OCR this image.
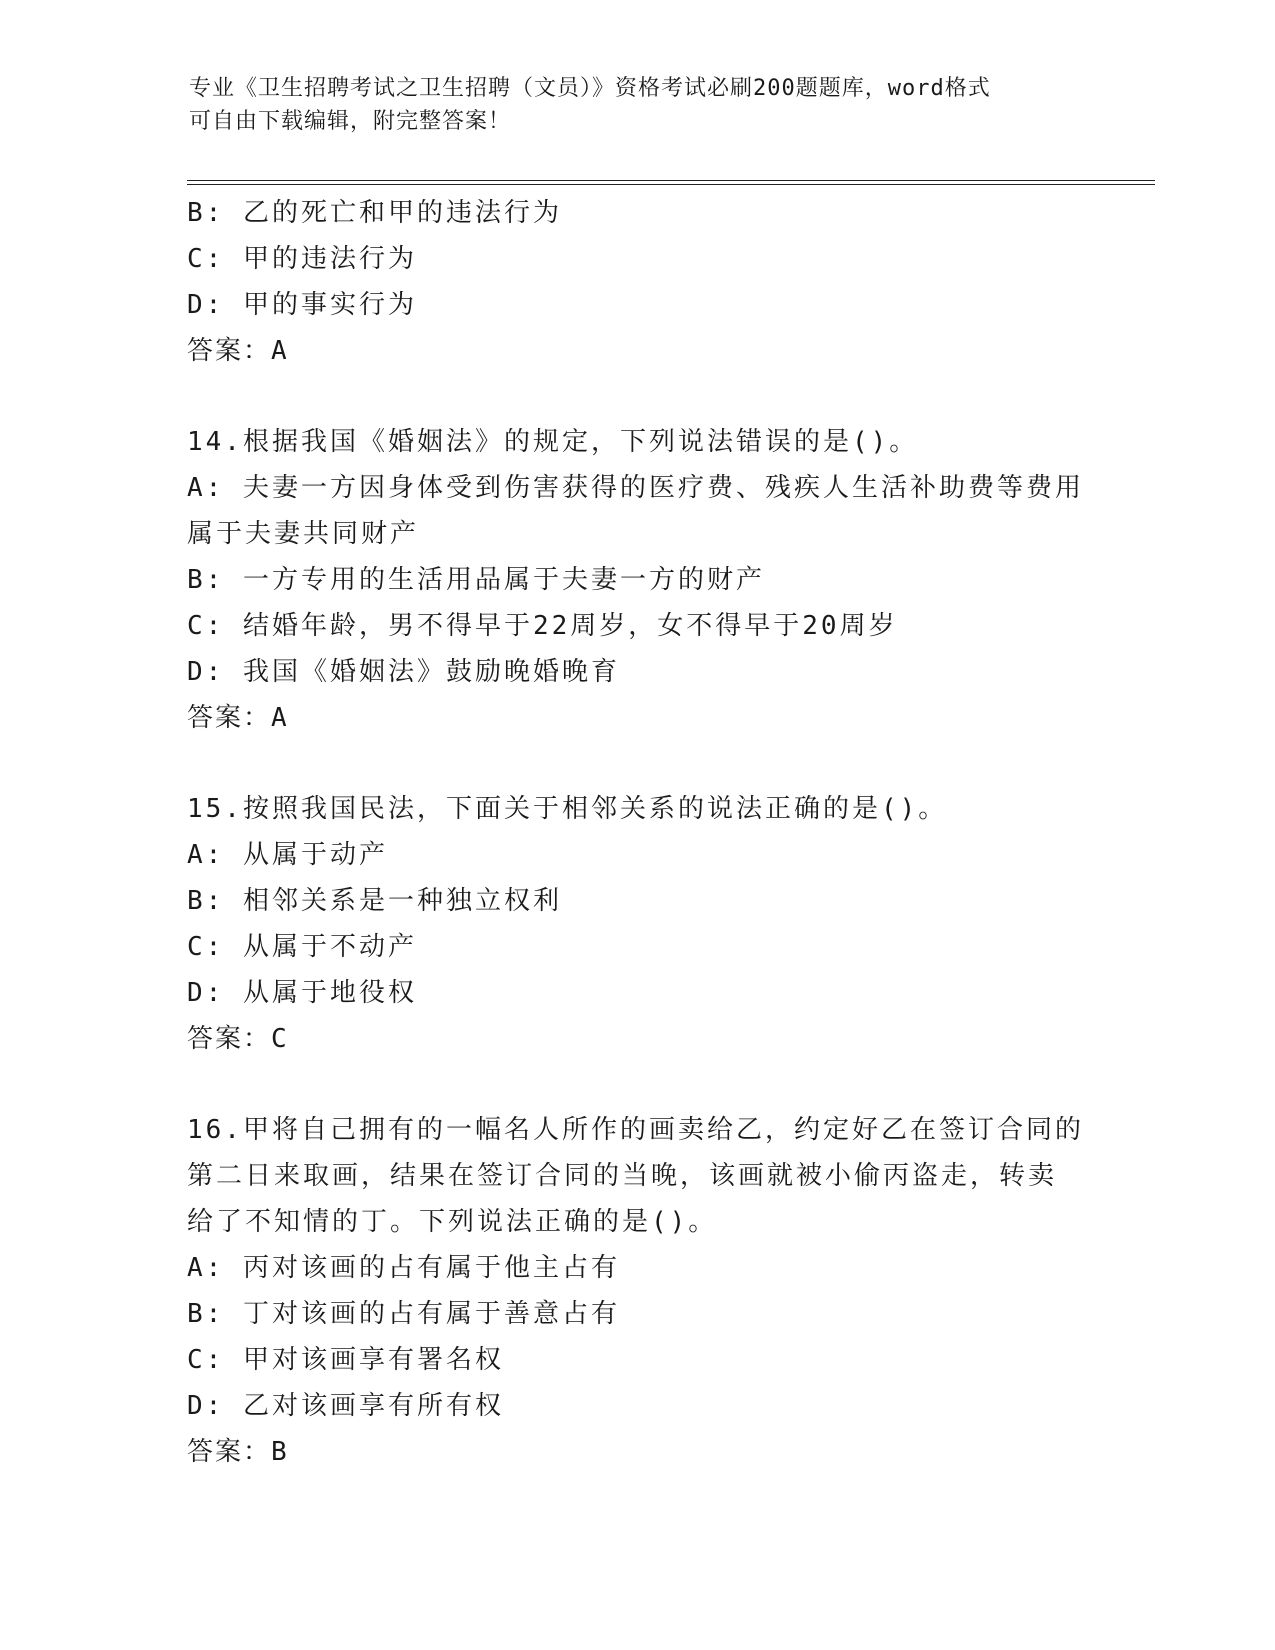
专业《卫生招聘考试之卫生招聘（文员）》资格考试必刷200题题库，word格式
可自由下载编辑，附完整答案！
B: 乙的死亡和甲的违法行为
C: 甲的违法行为
D: 甲的事实行为
答案：A
14.根据我国《婚姻法》的规定，下列说法错误的是()。
A: 夫妻一方因身体受到伤害获得的医疗费、残疾人生活补助费等费用
属于夫妻共同财产
B: 一方专用的生活用品属于夫妻一方的财产
C: 结婚年龄，男不得早于22周岁，女不得早于20周岁
D: 我国《婚姻法》鼓励晚婚晚育
答案：A
15.按照我国民法，下面关于相邻关系的说法正确的是()。
A: 从属于动产
B: 相邻关系是一种独立权利
C: 从属于不动产
D: 从属于地役权
答案：C
16.甲将自己拥有的一幅名人所作的画卖给乙，约定好乙在签订合同的
第二日来取画，结果在签订合同的当晚，该画就被小偷丙盗走，转卖
给了不知情的丁。下列说法正确的是()。
A: 丙对该画的占有属于他主占有
B: 丁对该画的占有属于善意占有
C: 甲对该画享有署名权
D: 乙对该画享有所有权
答案：B
